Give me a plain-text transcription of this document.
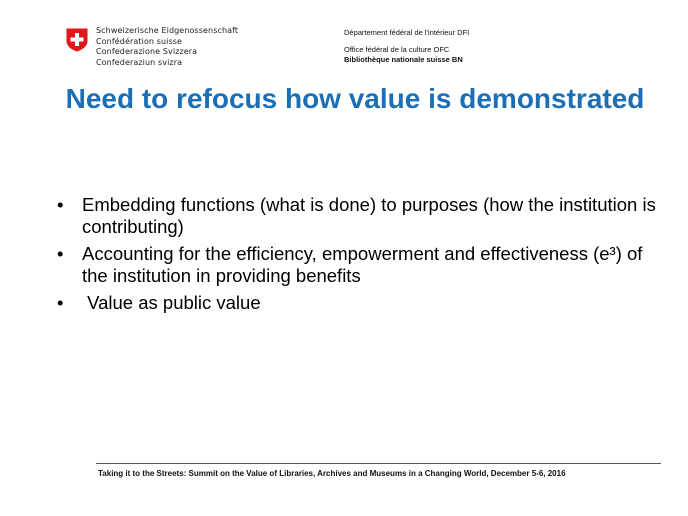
Schweizerische Eidgenossenschaft
Confédération suisse
Confederazione Svizzera
Confederaziun svizra
Département fédéral de l'intérieur DFI
Office fédéral de la culture OFC
Bibliothèque nationale suisse BN
Need to refocus how value is demonstrated
• Embedding functions (what is done) to purposes (how the institution is contributing)
• Accounting for the efficiency, empowerment and effectiveness (e³) of the institution in providing benefits
• Value as public value
Taking it to the Streets: Summit on the Value of Libraries, Archives and Museums in a Changing World, December 5-6, 2016
